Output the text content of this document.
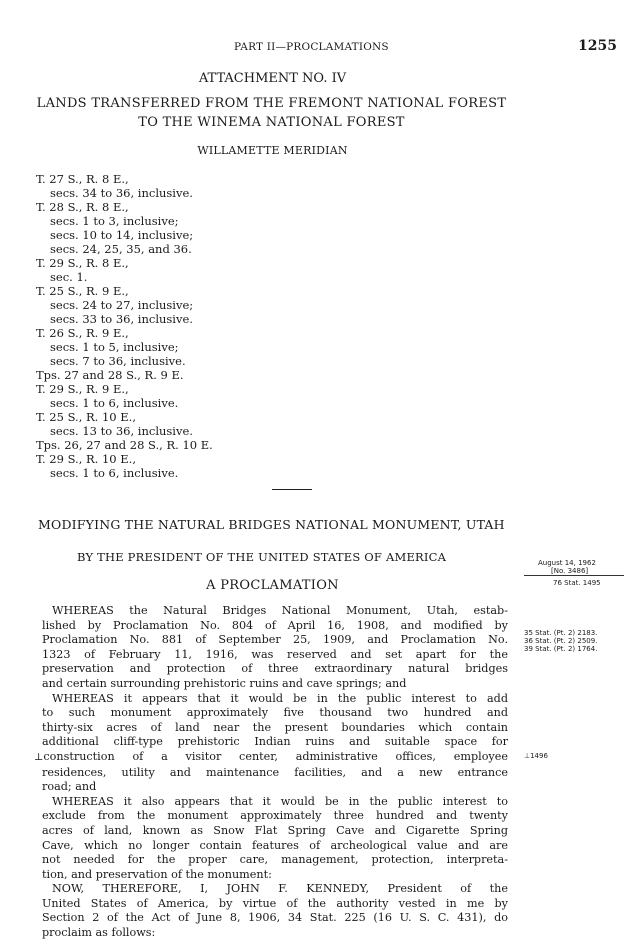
PART II—PROCLAMATIONS	1255
ATTACHMENT NO. IV
LANDS TRANSFERRED FROM THE FREMONT NATIONAL FOREST TO THE WINEMA NATIONAL FOREST
WILLAMETTE MERIDIAN
T. 27 S., R. 8 E.,
secs. 34 to 36, inclusive.
T. 28 S., R. 8 E.,
secs. 1 to 3, inclusive;
secs. 10 to 14, inclusive;
secs. 24, 25, 35, and 36.
T. 29 S., R. 8 E.,
sec. 1.
T. 25 S., R. 9 E.,
secs. 24 to 27, inclusive;
secs. 33 to 36, inclusive.
T. 26 S., R. 9 E.,
secs. 1 to 5, inclusive;
secs. 7 to 36, inclusive.
Tps. 27 and 28 S., R. 9 E.
T. 29 S., R. 9 E.,
secs. 1 to 6, inclusive.
T. 25 S., R. 10 E.,
secs. 13 to 36, inclusive.
Tps. 26, 27 and 28 S., R. 10 E.
T. 29 S., R. 10 E.,
secs. 1 to 6, inclusive.
MODIFYING THE NATURAL BRIDGES NATIONAL MONUMENT, UTAH
BY THE PRESIDENT OF THE UNITED STATES OF AMERICA
A PROCLAMATION

WHEREAS the Natural Bridges National Monument, Utah, estab-

lished by Proclamation No. 804 of April 16, 1908, and modified by

Proclamation No. 881 of September 25, 1909, and Proclamation No.

1323 of February 11, 1916, was reserved and set apart for the

preservation and protection of three extraordinary natural bridges

and certain surrounding prehistoric ruins and cave springs; and

WHEREAS it appears that it would be in the public interest to add

to such monument approximately five thousand two hundred and

thirty-six acres of land near the present boundaries which contain

additional cliff-type prehistoric Indian ruins and suitable space for

⊥construction of a visitor center, administrative offices, employee

residences, utility and maintenance facilities, and a new entrance

road; and

WHEREAS it also appears that it would be in the public interest to

exclude from the monument approximately three hundred and twenty

acres of land, known as Snow Flat Spring Cave and Cigarette Spring

Cave, which no longer contain features of archeological value and are

not needed for the proper care, management, protection, interpreta-

tion, and preservation of the monument:

NOW, THEREFORE, I, JOHN F. KENNEDY, President of the

United States of America, by virtue of the authority vested in me by

Section 2 of the Act of June 8, 1906, 34 Stat. 225 (16 U. S. C. 431), do

proclaim as follows:

August 14, 1962
[No. 3486]
76 Stat. 1495
35 Stat. (Pt. 2) 2183.
36 Stat. (Pt. 2) 2509.
39 Stat. (Pt. 2) 1764.
⊥1496
